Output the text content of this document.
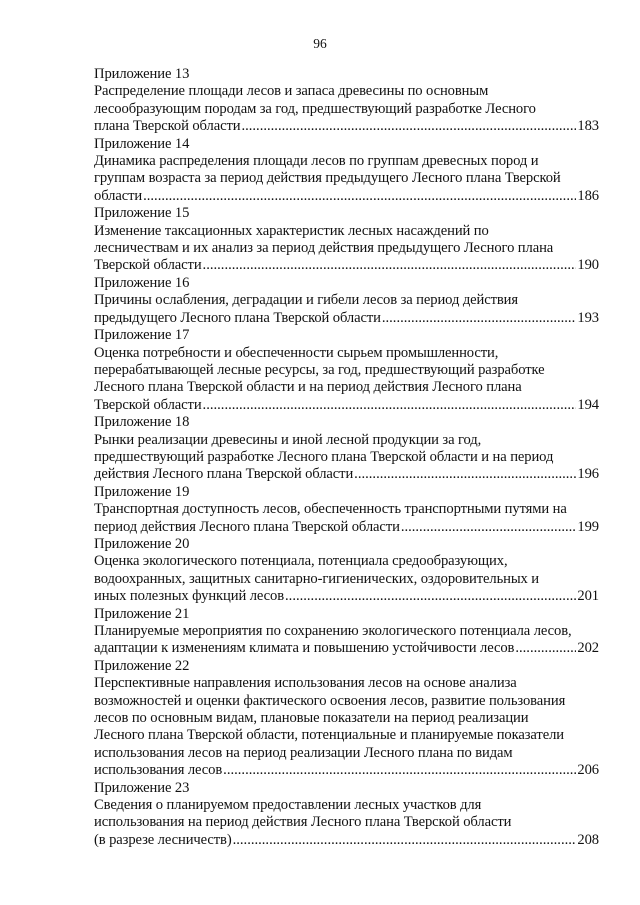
96
Приложение 13
Распределение площади лесов и запаса древесины по основным
лесообразующим породам за год, предшествующий разработке Лесного
плана Тверской области .....	183
Приложение 14
Динамика распределения площади лесов по группам древесных пород и
группам возраста за период действия предыдущего Лесного плана Тверской
области .....	186
Приложение 15
Изменение таксационных характеристик лесных насаждений по
лесничествам и их анализ за период действия предыдущего Лесного плана
Тверской области .....	190
Приложение 16
Причины ослабления, деградации и гибели лесов за период действия
предыдущего Лесного плана Тверской области .....	193
Приложение 17
Оценка потребности и обеспеченности сырьем промышленности,
перерабатывающей лесные ресурсы, за год, предшествующий разработке
Лесного плана Тверской области и на период действия Лесного плана
Тверской области .....	194
Приложение 18
Рынки реализации древесины и иной лесной продукции за год,
предшествующий разработке Лесного плана Тверской области и на период
действия Лесного плана Тверской области .....	196
Приложение 19
Транспортная доступность лесов, обеспеченность транспортными путями на
период действия Лесного плана Тверской области .....	199
Приложение 20
Оценка экологического потенциала, потенциала средообразующих,
водоохранных, защитных санитарно-гигиенических, оздоровительных и
иных полезных функций лесов .....	201
Приложение 21
Планируемые мероприятия по сохранению экологического потенциала лесов,
адаптации к изменениям климата и повышению устойчивости лесов .....	202
Приложение 22
Перспективные направления использования лесов на основе анализа
возможностей и оценки фактического освоения лесов, развитие пользования
лесов по основным видам, плановые показатели на период реализации
Лесного плана Тверской области, потенциальные и планируемые показатели
использования лесов на период реализации Лесного плана по видам
использования лесов .....	206
Приложение 23
Сведения о планируемом предоставлении лесных участков для
использования на период действия Лесного плана Тверской области
(в разрезе лесничеств) .....	208
